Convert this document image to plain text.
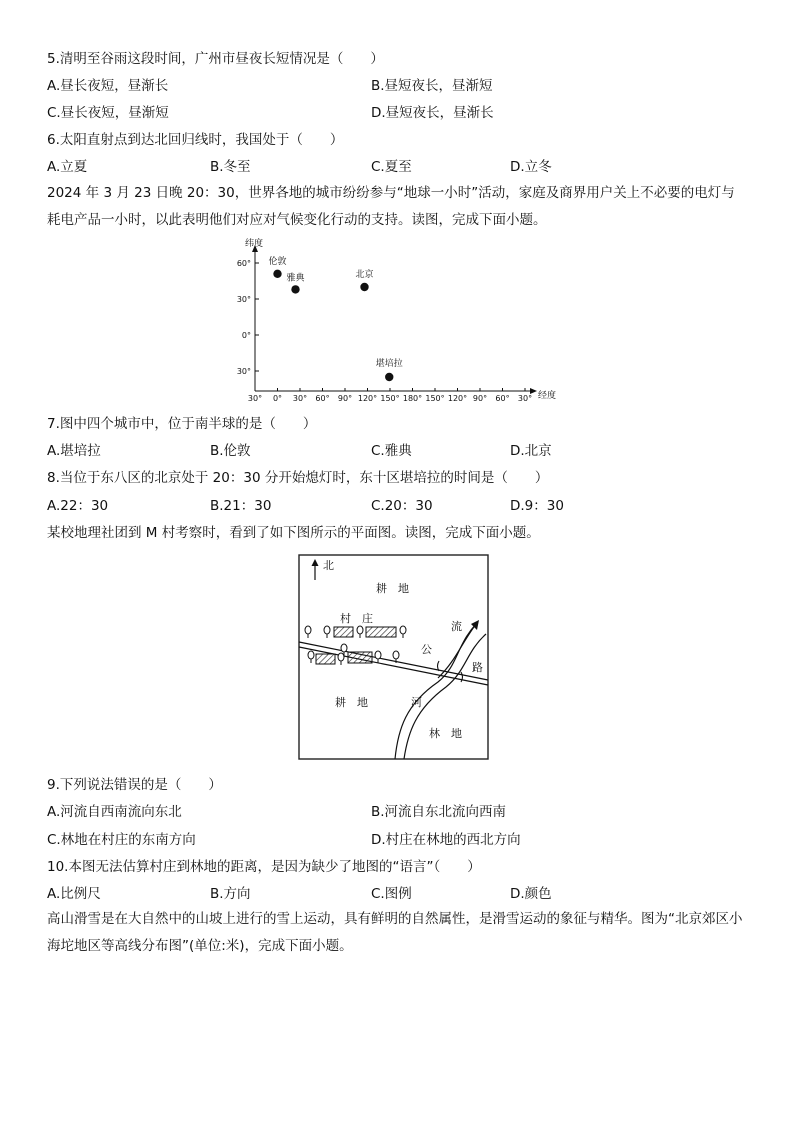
5.清明至谷雨这段时间，广州市昼夜长短情况是（　　）
A.昼长夜短，昼渐长	B.昼短夜长，昼渐短
C.昼长夜短，昼渐短	D.昼短夜长，昼渐长
6.太阳直射点到达北回归线时，我国处于（　　）
A.立夏	B.冬至	C.夏至	D.立冬
2024 年 3 月 23 日晚 20：30，世界各地的城市纷纷参与“地球一小时”活动，家庭及商界用户关上不必要的电灯与耗电产品一小时，以此表明他们对应对气候变化行动的支持。读图，完成下面小题。
60°
30°
0°
30°
30° 0° 30° 60° 90° 120° 150° 180° 150° 120° 90° 60° 30°
伦敦
雅典	北京
堪培拉
纬度
经度
7.图中四个城市中，位于南半球的是（　　）
A.堪培拉	B.伦敦	C.雅典	D.北京
8.当位于东八区的北京处于 20：30 分开始熄灯时，东十区堪培拉的时间是（　　）
A.22：30	B.21：30	C.20：30	D.9：30
某校地理社团到 M 村考察时，看到了如下图所示的平面图。读图，完成下面小题。
北
耕　地
村　庄
流
公
路
耕　地	河
林　地
9.下列说法错误的是（　　）
A.河流自西南流向东北	B.河流自东北流向西南
C.林地在村庄的东南方向	D.村庄在林地的西北方向
10.本图无法估算村庄到林地的距离，是因为缺少了地图的“语言”（　　）
A.比例尺	B.方向	C.图例	D.颜色
高山滑雪是在大自然中的山坡上进行的雪上运动，具有鲜明的自然属性，是滑雪运动的象征与精华。图为“北京郊区小海坨地区等高线分布图”(单位:米)，完成下面小题。
